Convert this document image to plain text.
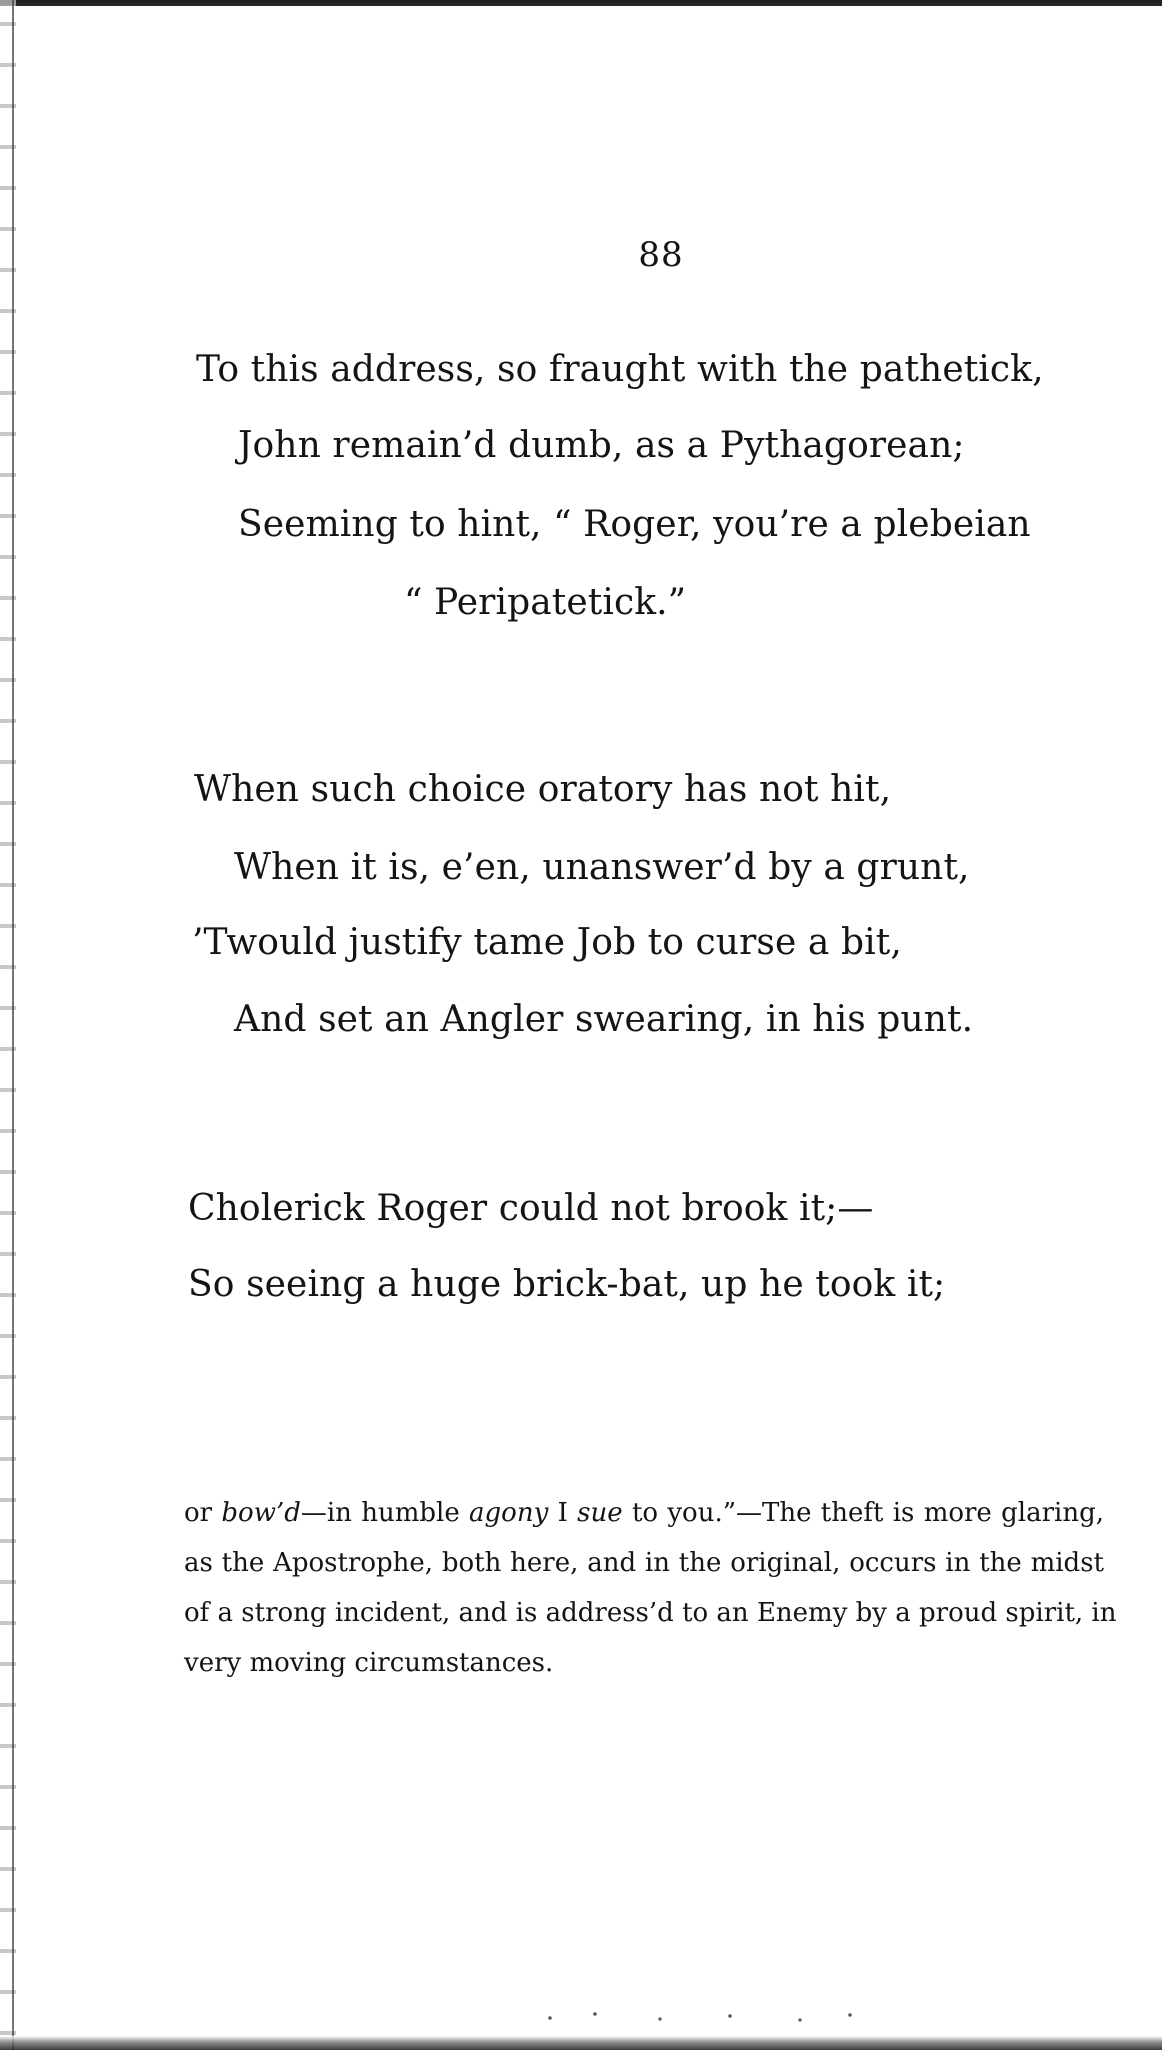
88
To this address, so fraught with the pathetick,
John remain’d dumb, as a Pythagorean;
Seeming to hint, “ Roger, you’re a plebeian
“ Peripatetick.”
When such choice oratory has not hit,
When it is, e’en, unanswer’d by a grunt,
’Twould justify tame Job to curse a bit,
And set an Angler swearing, in his punt.
Cholerick Roger could not brook it;—
So seeing a huge brick-bat, up he took it;
or bow’d—in humble agony I sue to you.”—The theft is more glaring,
as the Apostrophe, both here, and in the original, occurs in the midst
of a strong incident, and is address’d to an Enemy by a proud spirit, in
very moving circumstances.
